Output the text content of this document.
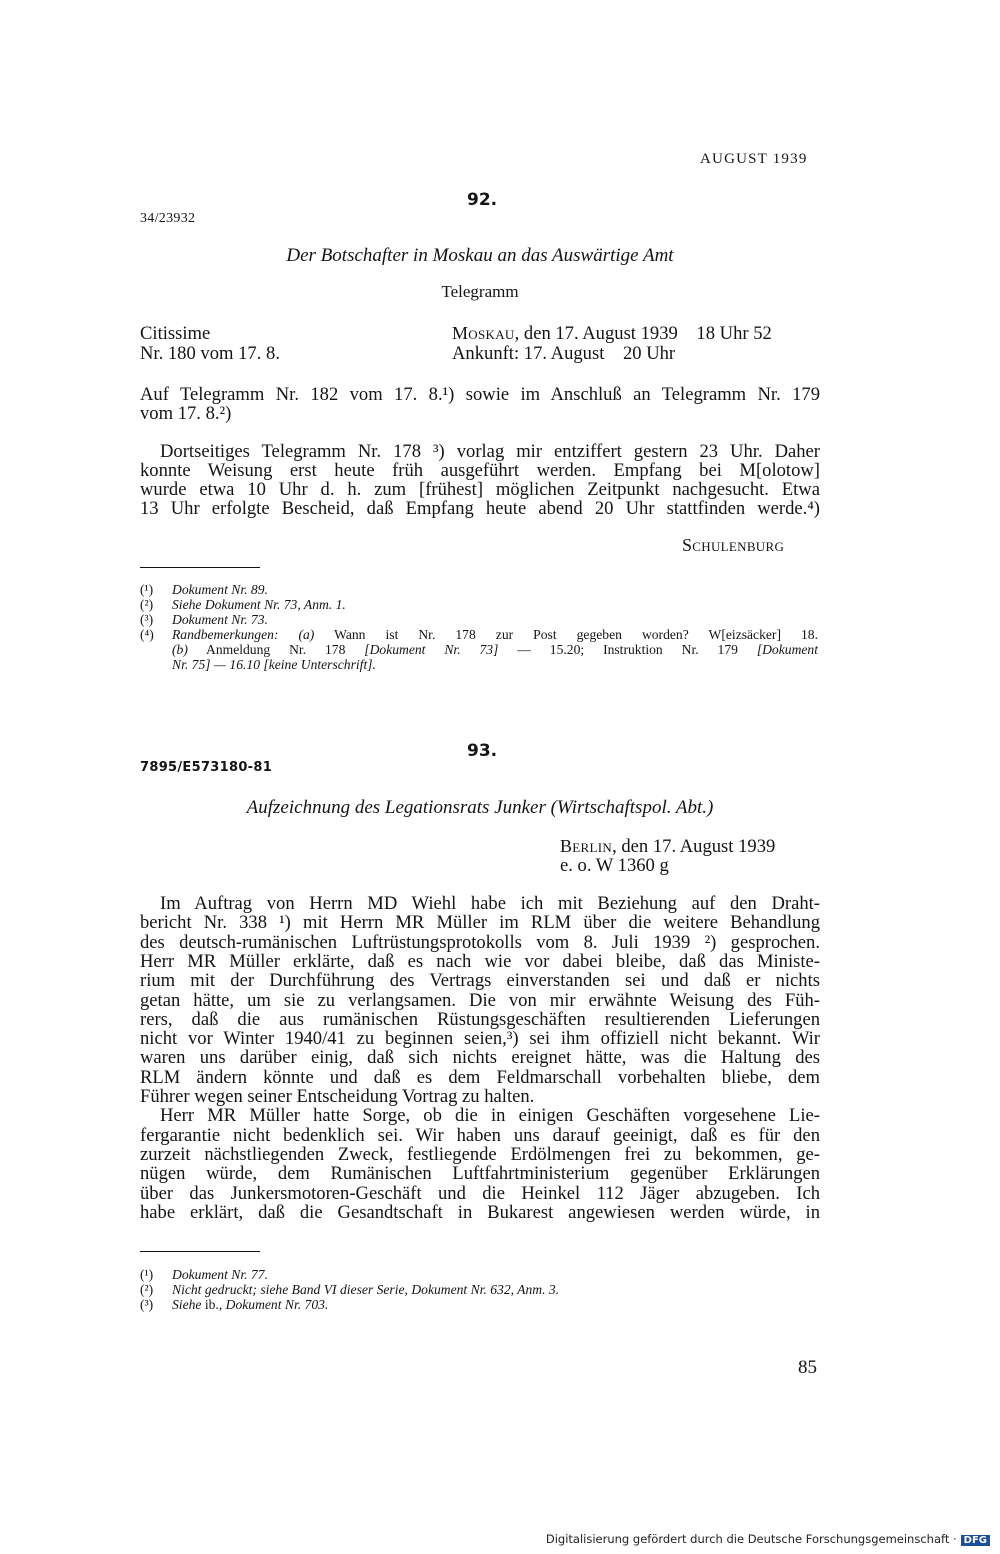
AUGUST 1939
92.
34/23932
Der Botschafter in Moskau an das Auswärtige Amt
Telegramm
Citissime
Nr. 180 vom 17. 8.
Moskau, den 17. August 1939    18 Uhr 52
Ankunft: 17. August    20 Uhr
Auf Telegramm Nr. 182 vom 17. 8.¹) sowie im Anschluß an Telegramm Nr. 179
vom 17. 8.²)
Dortseitiges Telegramm Nr. 178 ³) vorlag mir entziffert gestern 23 Uhr. Daher
konnte Weisung erst heute früh ausgeführt werden. Empfang bei M[olotow]
wurde etwa 10 Uhr d. h. zum [frühest] möglichen Zeitpunkt nachgesucht. Etwa
13 Uhr erfolgte Bescheid, daß Empfang heute abend 20 Uhr stattfinden werde.⁴)
Schulenburg
(¹) Dokument Nr. 89.
(²) Siehe Dokument Nr. 73, Anm. 1.
(³) Dokument Nr. 73.
(⁴) Randbemerkungen: (a) Wann ist Nr. 178 zur Post gegeben worden? W[eizsäcker] 18.
(b) Anmeldung Nr. 178 [Dokument Nr. 73] — 15.20; Instruktion Nr. 179 [Dokument
Nr. 75] — 16.10 [keine Unterschrift].
93.
7895/E573180-81
Aufzeichnung des Legationsrats Junker (Wirtschaftspol. Abt.)
Berlin, den 17. August 1939
e. o. W 1360 g
Im Auftrag von Herrn MD Wiehl habe ich mit Beziehung auf den Draht-
bericht Nr. 338 ¹) mit Herrn MR Müller im RLM über die weitere Behandlung
des deutsch-rumänischen Luftrüstungsprotokolls vom 8. Juli 1939 ²) gesprochen.
Herr MR Müller erklärte, daß es nach wie vor dabei bleibe, daß das Ministe-
rium mit der Durchführung des Vertrags einverstanden sei und daß er nichts
getan hätte, um sie zu verlangsamen. Die von mir erwähnte Weisung des Füh-
rers, daß die aus rumänischen Rüstungsgeschäften resultierenden Lieferungen
nicht vor Winter 1940/41 zu beginnen seien,³) sei ihm offiziell nicht bekannt. Wir
waren uns darüber einig, daß sich nichts ereignet hätte, was die Haltung des
RLM ändern könnte und daß es dem Feldmarschall vorbehalten bliebe, dem
Führer wegen seiner Entscheidung Vortrag zu halten.
Herr MR Müller hatte Sorge, ob die in einigen Geschäften vorgesehene Lie-
fergarantie nicht bedenklich sei. Wir haben uns darauf geeinigt, daß es für den
zurzeit nächstliegenden Zweck, festliegende Erdölmengen frei zu bekommen, ge-
nügen würde, dem Rumänischen Luftfahrtministerium gegenüber Erklärungen
über das Junkersmotoren-Geschäft und die Heinkel 112 Jäger abzugeben. Ich
habe erklärt, daß die Gesandtschaft in Bukarest angewiesen werden würde, in
(¹) Dokument Nr. 77.
(²) Nicht gedruckt; siehe Band VI dieser Serie, Dokument Nr. 632, Anm. 3.
(³) Siehe ib., Dokument Nr. 703.
85
Digitalisierung gefördert durch die Deutsche Forschungsgemeinschaft · DFG
